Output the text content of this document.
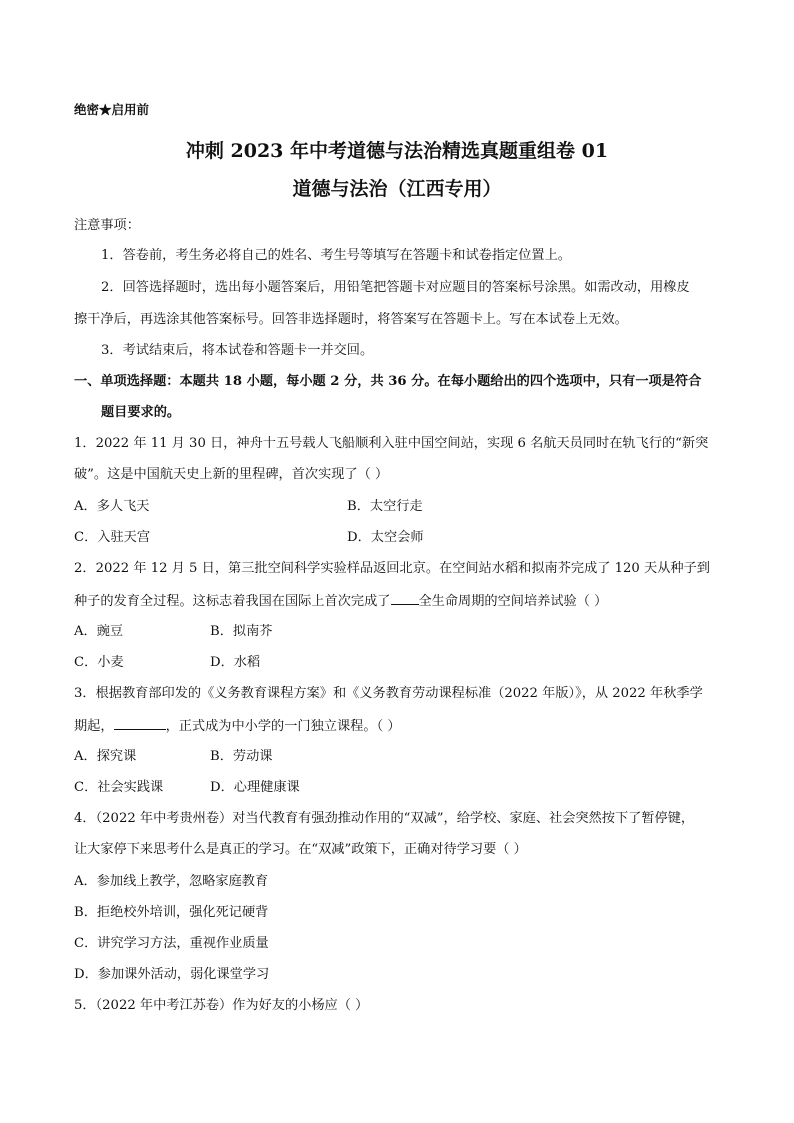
绝密★启用前
冲刺 2023 年中考道德与法治精选真题重组卷 01
道德与法治（江西专用）
注意事项：
1．答卷前，考生务必将自己的姓名、考生号等填写在答题卡和试卷指定位置上。
2．回答选择题时，选出每小题答案后，用铅笔把答题卡对应题目的答案标号涂黑。如需改动，用橡皮
擦干净后，再选涂其他答案标号。回答非选择题时，将答案写在答题卡上。写在本试卷上无效。
3．考试结束后，将本试卷和答题卡一并交回。
一、单项选择题：本题共 18 小题，每小题 2 分，共 36 分。在每小题给出的四个选项中，只有一项是符合
题目要求的。
1．2022 年 11 月 30 日，神舟十五号载人飞船顺利入驻中国空间站，实现 6 名航天员同时在轨飞行的“新突
破”。这是中国航天史上新的里程碑，首次实现了（ ）
A．多人飞天	B．太空行走
C．入驻天宫	D．太空会师
2．2022 年 12 月 5 日，第三批空间科学实验样品返回北京。在空间站水稻和拟南芥完成了 120 天从种子到
种子的发育全过程。这标志着我国在国际上首次完成了 全生命周期的空间培养试验（ ）
A．豌豆	B．拟南芥
C．小麦	D．水稻
3．根据教育部印发的《义务教育课程方案》和《义务教育劳动课程标准（2022 年版）》，从 2022 年秋季学
期起，	，正式成为中小学的一门独立课程。（ ）
A．探究课	B．劳动课
C．社会实践课	D．心理健康课
4．（2022 年中考贵州卷）对当代教育有强劲推动作用的“双减”，给学校、家庭、社会突然按下了暂停键，
让大家停下来思考什么是真正的学习。在“双减”政策下，正确对待学习要（ ）
A．参加线上教学，忽略家庭教育
B．拒绝校外培训，强化死记硬背
C．讲究学习方法，重视作业质量
D．参加课外活动，弱化课堂学习
5．（2022 年中考江苏卷）作为好友的小杨应（ ）
